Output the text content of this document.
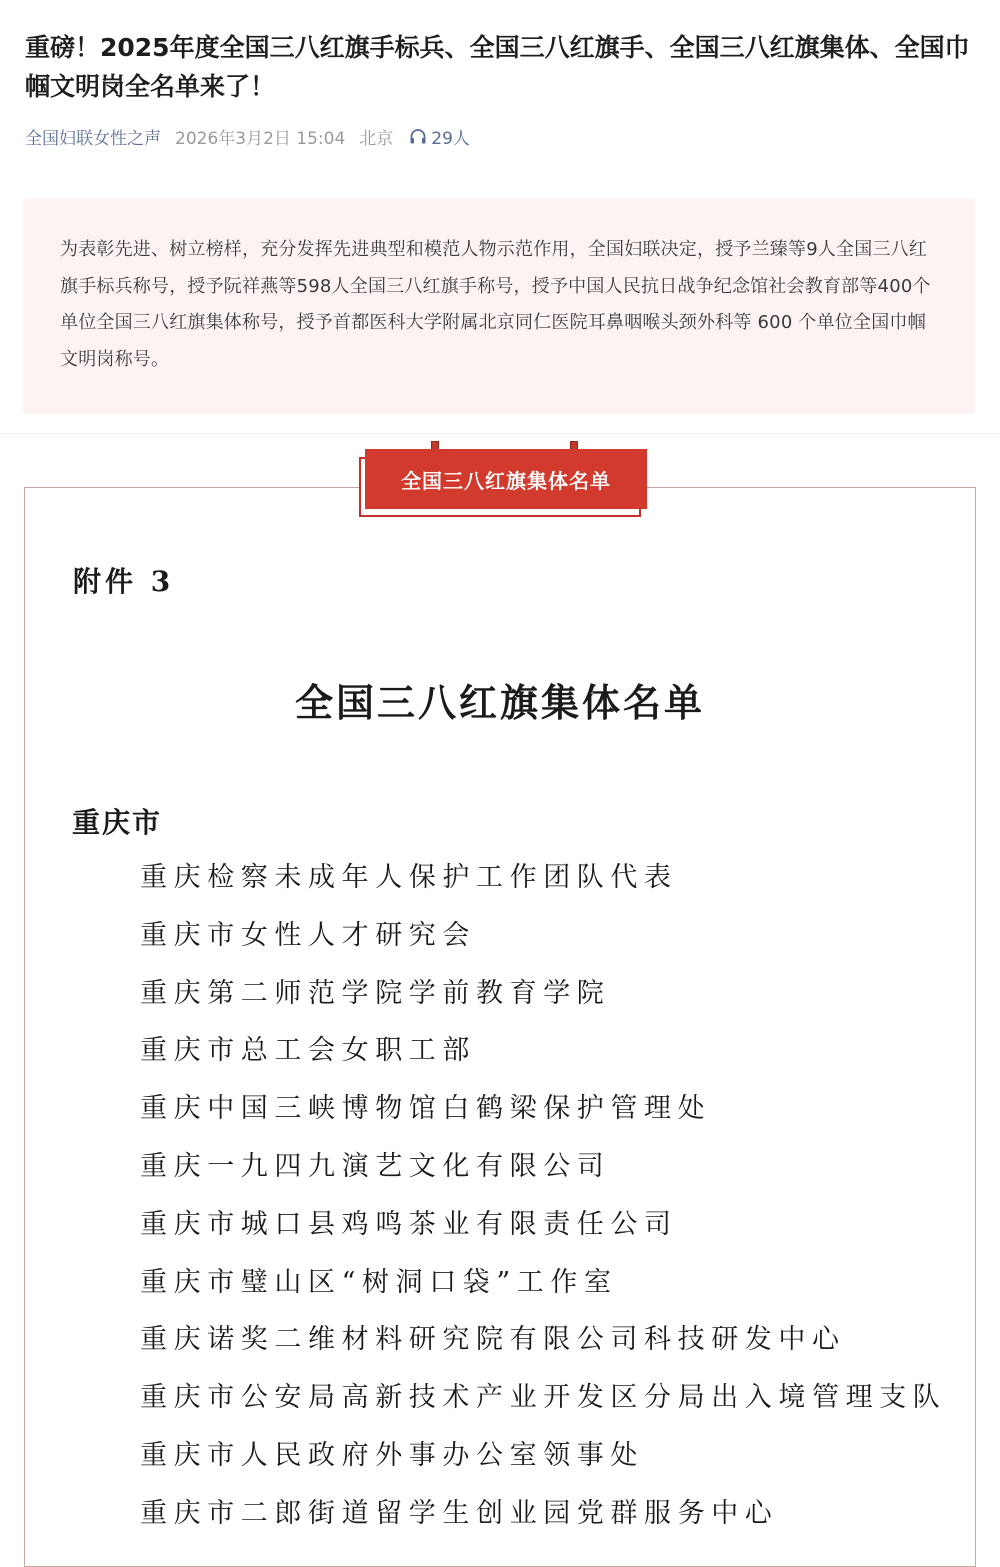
重磅！2025年度全国三八红旗手标兵、全国三八红旗手、全国三八红旗集体、全国巾帼文明岗全名单来了！
全国妇联女性之声 2026年3月2日 15:04 北京 29人

为表彰先进、树立榜样，充分发挥先进典型和模范人物示范作用，全国妇联决定，授予兰臻等9人全国三八红旗手标兵称号，授予阮祥燕等598人全国三八红旗手称号，授予中国人民抗日战争纪念馆社会教育部等400个单位全国三八红旗集体称号，授予首都医科大学附属北京同仁医院耳鼻咽喉头颈外科等 600 个单位全国巾帼文明岗称号。

全国三八红旗集体名单
附件 3
全国三八红旗集体名单
重庆市
重庆检察未成年人保护工作团队代表
重庆市女性人才研究会
重庆第二师范学院学前教育学院
重庆市总工会女职工部
重庆中国三峡博物馆白鹤梁保护管理处
重庆一九四九演艺文化有限公司
重庆市城口县鸡鸣茶业有限责任公司
重庆市璧山区“树洞口袋”工作室
重庆诺奖二维材料研究院有限公司科技研发中心
重庆市公安局高新技术产业开发区分局出入境管理支队
重庆市人民政府外事办公室领事处
重庆市二郎街道留学生创业园党群服务中心
